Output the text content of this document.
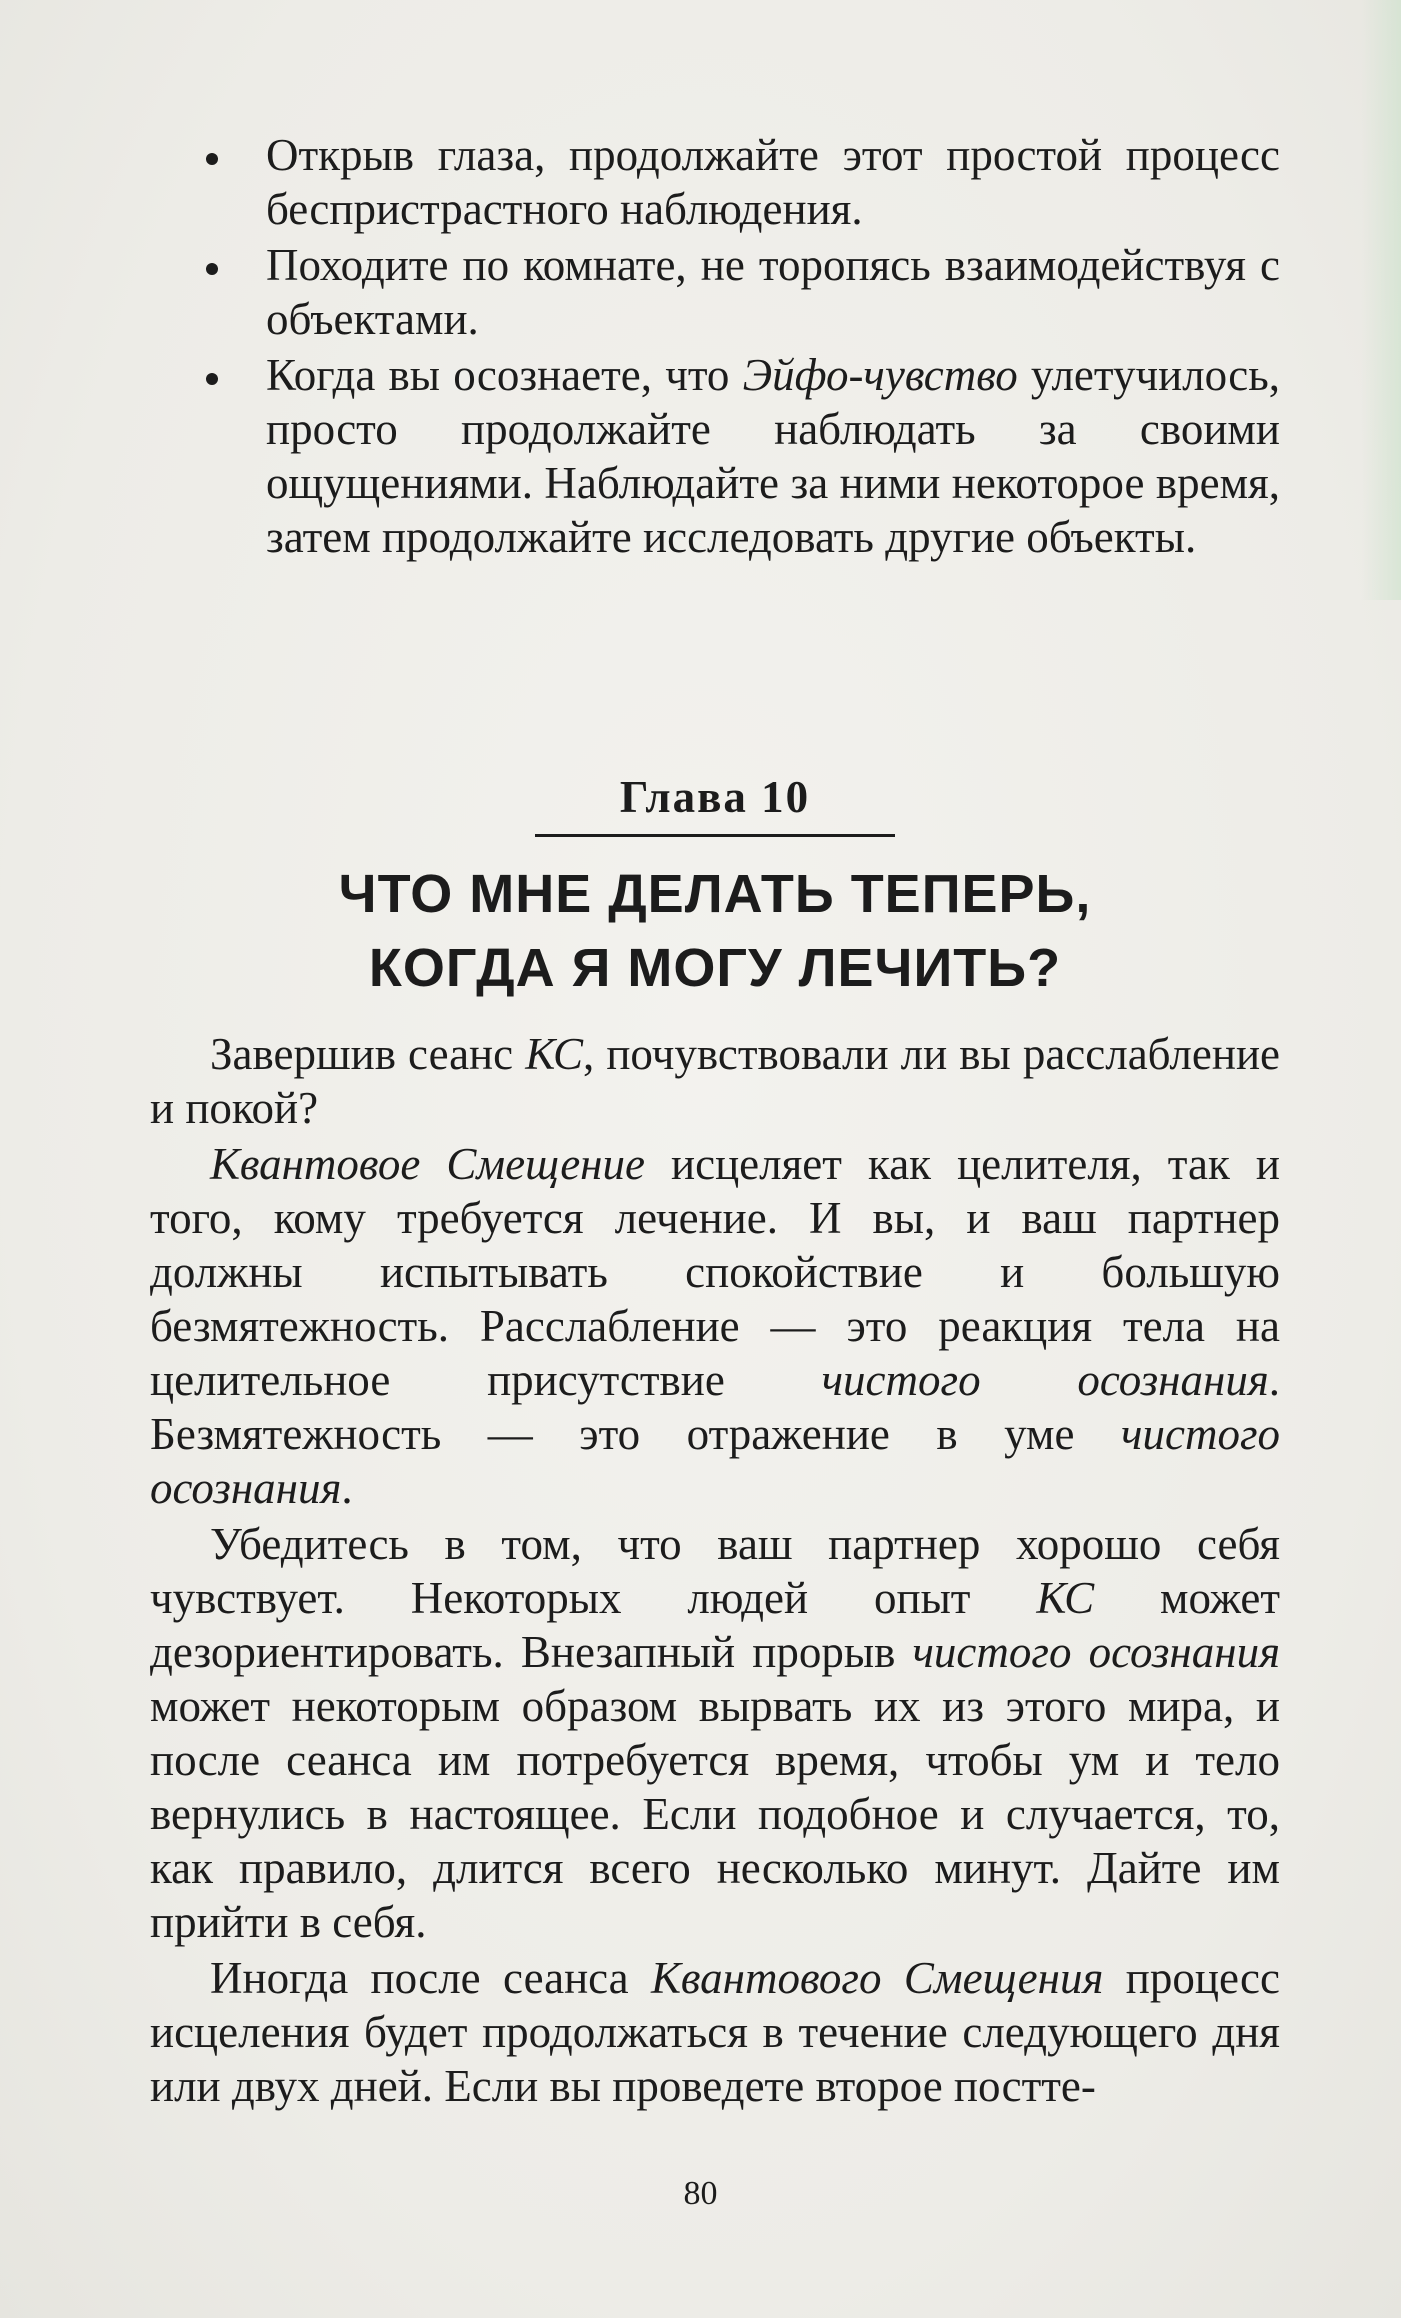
Открыв глаза, продолжайте этот простой процесс беспристрастного наблюдения.
Походите по комнате, не торопясь взаимодействуя с объектами.
Когда вы осознаете, что Эйфо-чувство улетучилось, просто продолжайте наблюдать за своими ощущениями. Наблюдайте за ними некоторое время, затем продолжайте исследовать другие объекты.
Глава 10
ЧТО МНЕ ДЕЛАТЬ ТЕПЕРЬ,
КОГДА Я МОГУ ЛЕЧИТЬ?

Завершив сеанс КС, почувствовали ли вы расслабление и покой?

Квантовое Смещение исцеляет как целителя, так и того, кому требуется лечение. И вы, и ваш партнер должны испытывать спокойствие и большую безмятежность. Расслабление — это реакция тела на целительное присутствие чистого осознания. Безмятежность — это отражение в уме чистого осознания.

Убедитесь в том, что ваш партнер хорошо себя чувствует. Некоторых людей опыт КС может дезориентировать. Внезапный прорыв чистого осознания может некоторым образом вырвать их из этого мира, и после сеанса им потребуется время, чтобы ум и тело вернулись в настоящее. Если подобное и случается, то, как правило, длится всего несколько минут. Дайте им прийти в себя.

Иногда после сеанса Квантового Смещения процесс исцеления будет продолжаться в течение следующего дня или двух дней. Если вы проведете второе постте-

80
